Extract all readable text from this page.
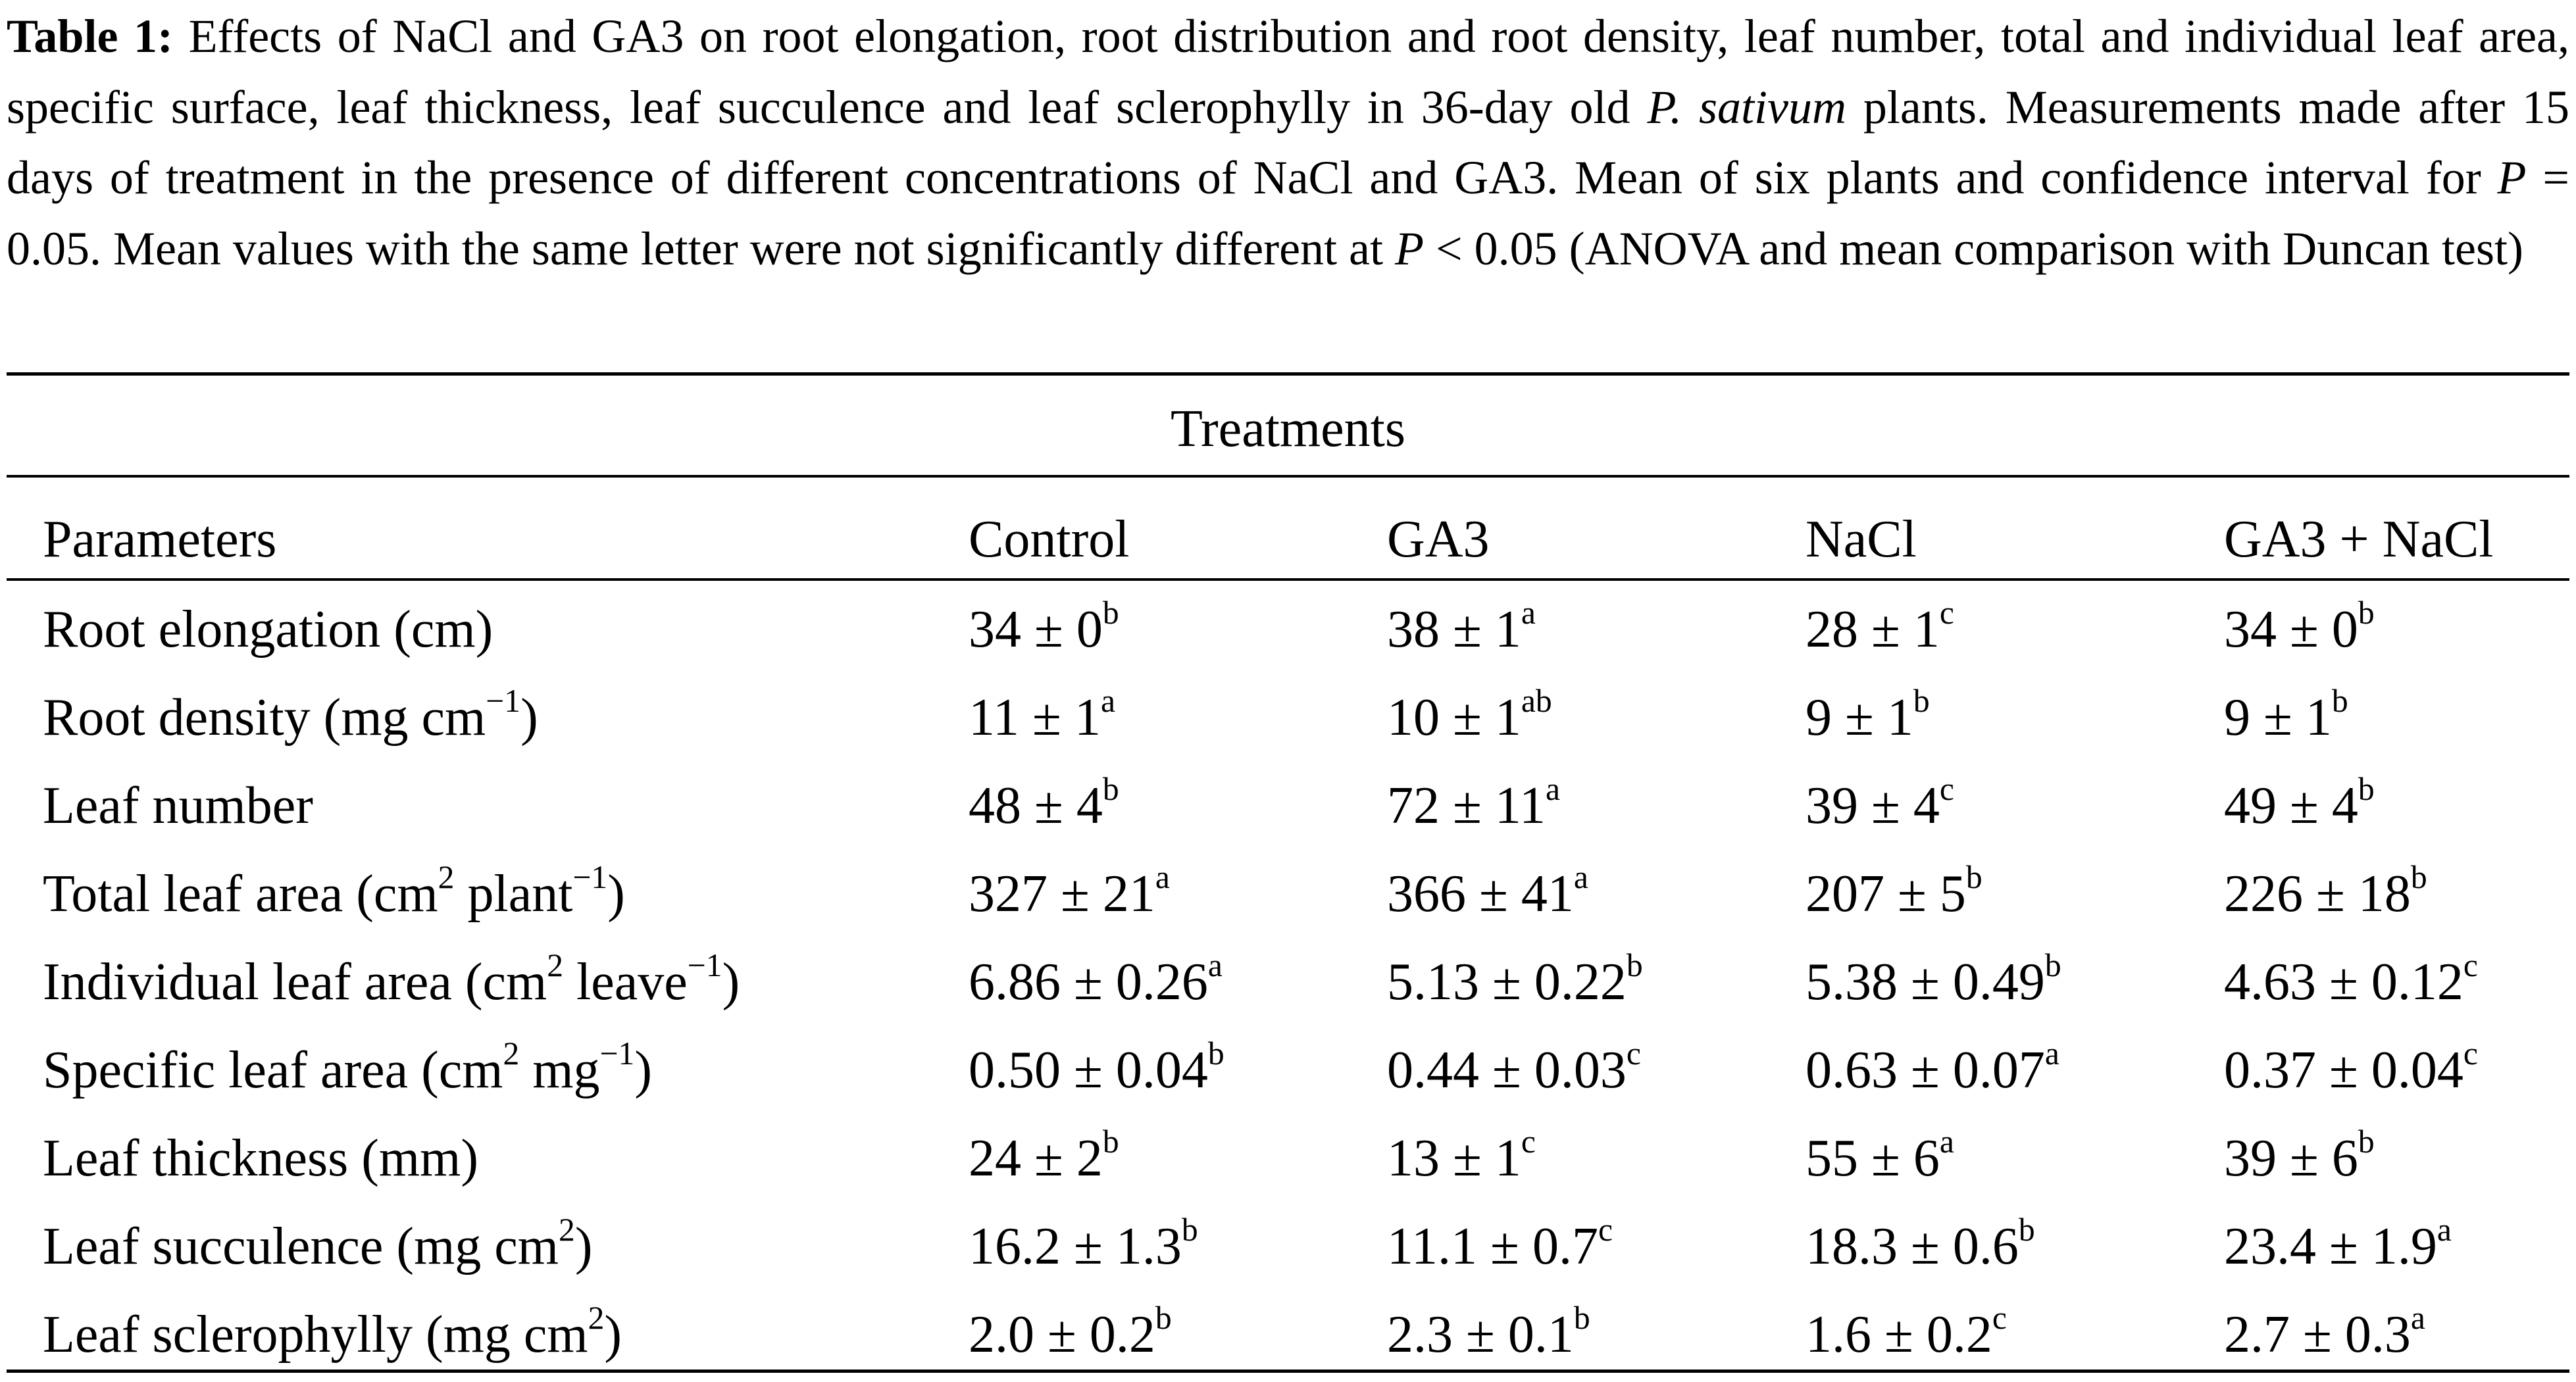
Table 1: Effects of NaCl and GA3 on root elongation, root distribution and root density, leaf number, total and individual leaf area, specific surface, leaf thickness, leaf succulence and leaf sclerophylly in 36-day old P. sativum plants. Measurements made after 15 days of treatment in the presence of different concentrations of NaCl and GA3. Mean of six plants and confidence interval for P = 0.05. Mean values with the same letter were not significantly different at P < 0.05 (ANOVA and mean comparison with Duncan test)
Treatments
Parameters	Control	GA3	NaCl	GA3 + NaCl
Root elongation (cm)	$34 \pm 0^b$	$38 \pm 1^a$	$28 \pm 1^c$	$34 \pm 0^b$
Root density (mg $cm^{-1}$)	$11 \pm 1^a$	$10 \pm 1^{ab}$	$9 \pm 1^b$	$9 \pm 1^b$
Leaf number	$48 \pm 4^b$	$72 \pm 11^a$	$39 \pm 4^c$	$49 \pm 4^b$
Total leaf area ($cm^2$ plant$^{-1}$)	$327 \pm 21^a$	$366 \pm 41^a$	$207 \pm 5^b$	$226 \pm 18^b$
Individual leaf area ($cm^2$ leave$^{-1}$)	6.86 ± 0.26$^a$	5.13 ± 0.22$^b$	5.38 ± 0.49$^b$	4.63 ± 0.12$^c$
Specific leaf area ($cm^2$ $mg^{-1}$)	0.50 ± 0.04$^b$	0.44 ± 0.03$^c$	0.63 ± 0.07$^a$	0.37 ± 0.04$^c$
Leaf thickness (mm)	$24 \pm 2^b$	$13 \pm 1^c$	$55 \pm 6^a$	$39 \pm 6^b$
Leaf succulence (mg $cm^2$)	16.2 ± 1.3$^b$	11.1 ± 0.7$^c$	18.3 ± 0.6$^b$	23.4 ± 1.9$^a$
Leaf sclerophylly (mg $cm^2$)	2.0 ± 0.2$^b$	2.3 ± 0.1$^b$	1.6 ± 0.2$^c$	2.7 ± 0.3$^a$
